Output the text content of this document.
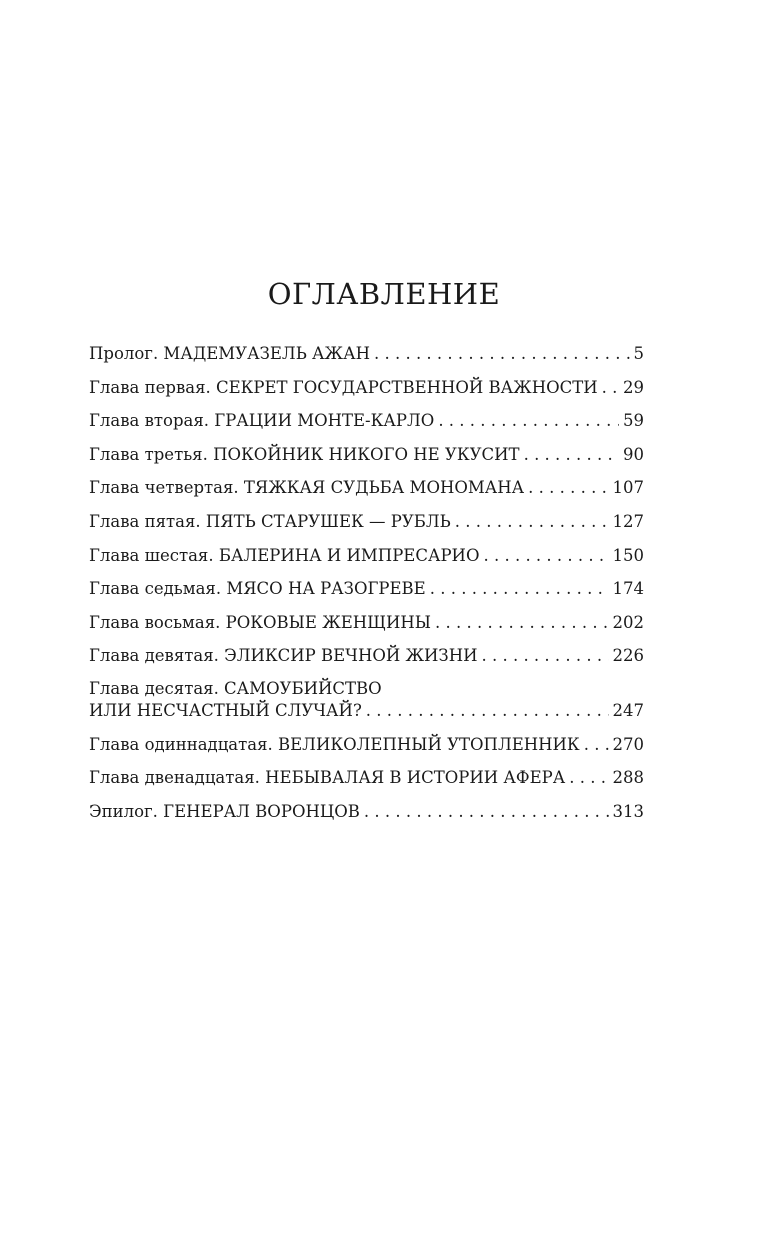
ОГЛАВЛЕНИЕ
Пролог. МАДЕМУАЗЕЛЬ АЖАН . . .	5
Глава первая. СЕКРЕТ ГОСУДАРСТВЕННОЙ ВАЖНОСТИ . . . 29
Глава вторая. ГРАЦИИ МОНТЕ-КАРЛО . . .	59
Глава третья. ПОКОЙНИК НИКОГО НЕ УКУСИТ . . .	90
Глава четвертая. ТЯЖКАЯ СУДЬБА МОНОМАНА . . .	107
Глава пятая. ПЯТЬ СТАРУШЕК — РУБЛЬ . . .	127
Глава шестая. БАЛЕРИНА И ИМПРЕСАРИО . . .	150
Глава седьмая. МЯСО НА РАЗОГРЕВЕ . . .	174
Глава восьмая. РОКОВЫЕ ЖЕНЩИНЫ . . .	202
Глава девятая. ЭЛИКСИР ВЕЧНОЙ ЖИЗНИ . . .	226
Глава десятая. САМОУБИЙСТВО
ИЛИ НЕСЧАСТНЫЙ СЛУЧАЙ? . . .	247
Глава одиннадцатая. ВЕЛИКОЛЕПНЫЙ УТОПЛЕННИК . . . 270
Глава двенадцатая. НЕБЫВАЛАЯ В ИСТОРИИ АФЕРА . . .	288
Эпилог. ГЕНЕРАЛ ВОРОНЦОВ . . .	313
